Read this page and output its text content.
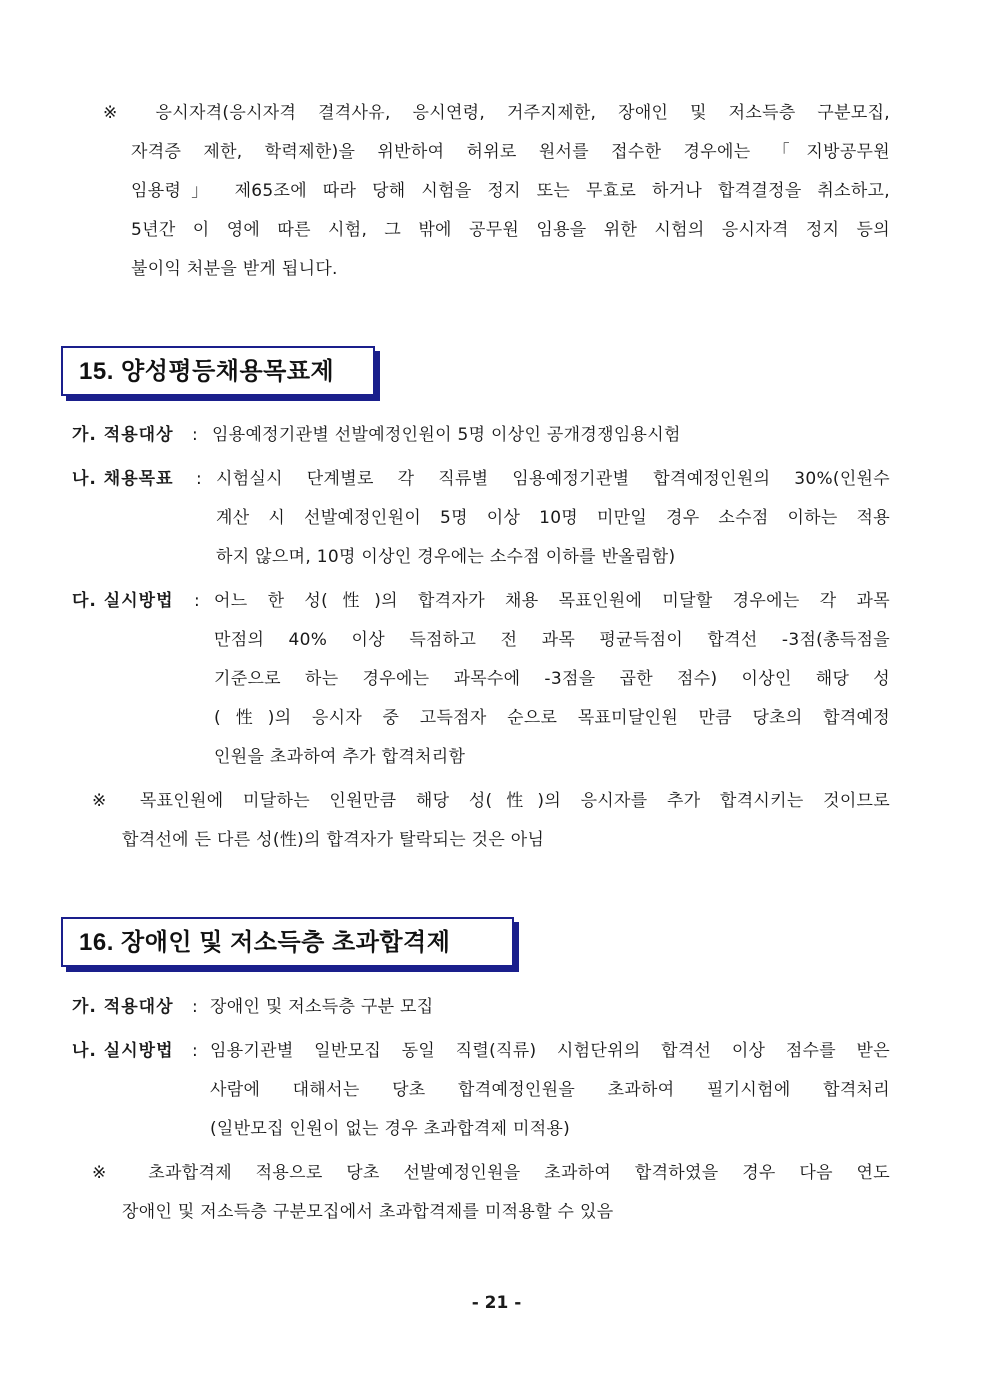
※ 응시자격(응시자격 결격사유, 응시연령, 거주지제한, 장애인 및 저소득층 구분모집,
자격증 제한, 학력제한)을 위반하여 허위로 원서를 접수한 경우에는 「지방공무원
임용령」 제65조에 따라 당해 시험을 정지 또는 무효로 하거나 합격결정을 취소하고,
5년간 이 영에 따른 시험, 그 밖에 공무원 임용을 위한 시험의 응시자격 정지 등의
불이익 처분을 받게 됩니다.
15. 양성평등채용목표제
가. 적용대상 : 임용예정기관별 선발예정인원이 5명 이상인 공개경쟁임용시험
나. 채용목표 : 시험실시 단계별로 각 직류별 임용예정기관별 합격예정인원의 30%(인원수
계산 시 선발예정인원이 5명 이상 10명 미만일 경우 소수점 이하는 적용
하지 않으며, 10명 이상인 경우에는 소수점 이하를 반올림함)
다. 실시방법 : 어느 한 성(性)의 합격자가 채용 목표인원에 미달할 경우에는 각 과목
만점의 40% 이상 득점하고 전 과목 평균득점이 합격선 -3점(총득점을
기준으로 하는 경우에는 과목수에 -3점을 곱한 점수) 이상인 해당 성
(性)의 응시자 중 고득점자 순으로 목표미달인원 만큼 당초의 합격예정
인원을 초과하여 추가 합격처리함
※ 목표인원에 미달하는 인원만큼 해당 성(性)의 응시자를 추가 합격시키는 것이므로
합격선에 든 다른 성(性)의 합격자가 탈락되는 것은 아님
16. 장애인 및 저소득층 초과합격제
가. 적용대상 : 장애인 및 저소득층 구분 모집
나. 실시방법 : 임용기관별 일반모집 동일 직렬(직류) 시험단위의 합격선 이상 점수를 받은
사람에 대해서는 당초 합격예정인원을 초과하여 필기시험에 합격처리
(일반모집 인원이 없는 경우 초과합격제 미적용)
※ 초과합격제 적용으로 당초 선발예정인원을 초과하여 합격하였을 경우 다음 연도
장애인 및 저소득층 구분모집에서 초과합격제를 미적용할 수 있음
- 21 -
